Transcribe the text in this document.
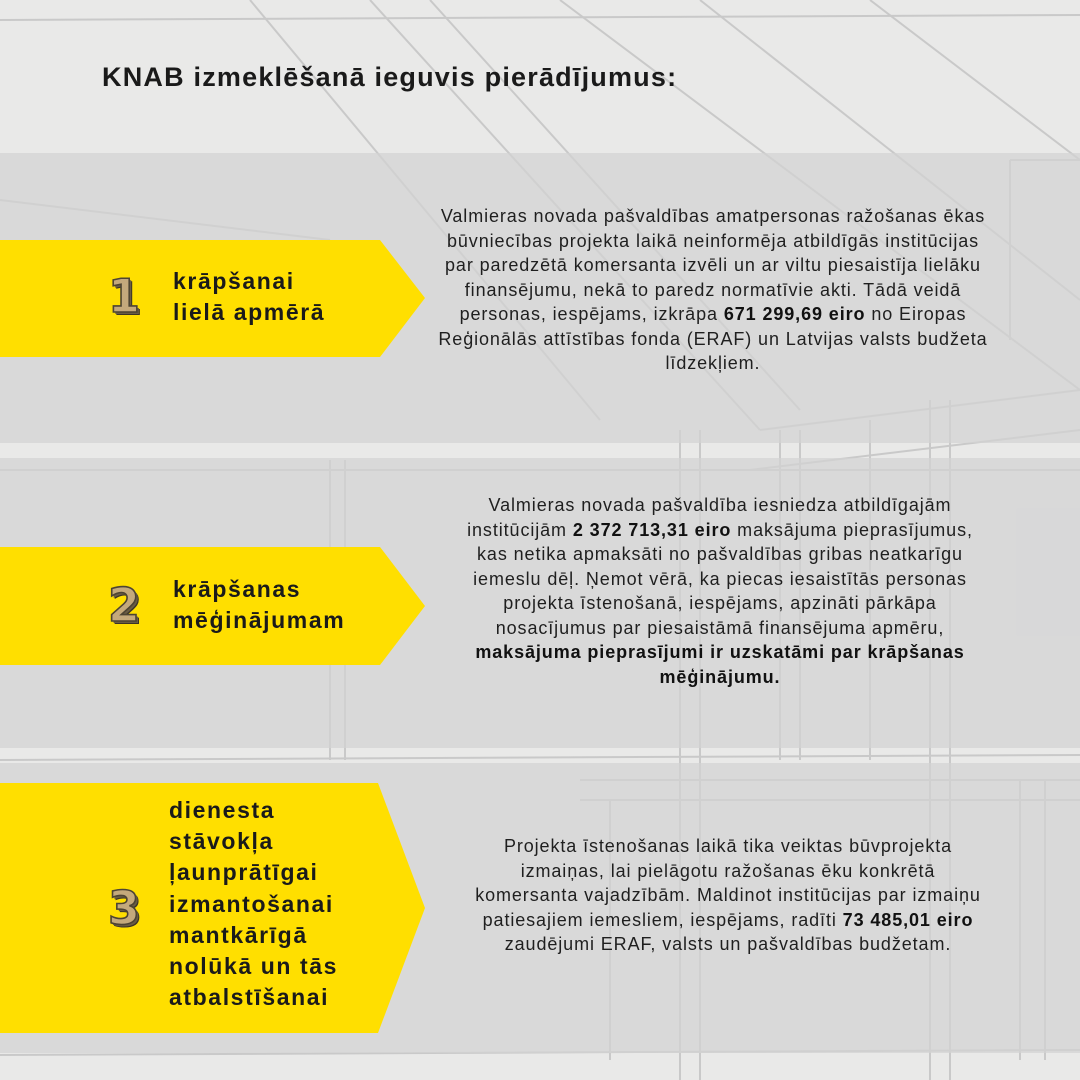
KNAB izmeklēšanā ieguvis pierādījumus:
1 krāpšanai
lielā apmērā
Valmieras novada pašvaldības amatpersonas ražošanas ēkas būvniecības projekta laikā neinformēja atbildīgās institūcijas par paredzētā komersanta izvēli un ar viltu piesaistīja lielāku finansējumu, nekā to paredz normatīvie akti. Tādā veidā personas, iespējams, izkrāpa 671 299,69 eiro no Eiropas Reģionālās attīstības fonda (ERAF) un Latvijas valsts budžeta līdzekļiem.
2 krāpšanas
mēģinājumam
Valmieras novada pašvaldība iesniedza atbildīgajām institūcijām 2 372 713,31 eiro maksājuma pieprasījumus, kas netika apmaksāti no pašvaldības gribas neatkarīgu iemeslu dēļ. Ņemot vērā, ka piecas iesaistītās personas projekta īstenošanā, iespējams, apzināti pārkāpa nosacījumus par piesaistāmā finansējuma apmēru, maksājuma pieprasījumi ir uzskatāmi par krāpšanas mēģinājumu.
3
dienesta
stāvokļa
ļaunprātīgai
izmantošanai
mantkārīgā
nolūkā un tās
atbalstīšanai
Projekta īstenošanas laikā tika veiktas būvprojekta izmaiņas, lai pielāgotu ražošanas ēku konkrētā komersanta vajadzībām. Maldinot institūcijas par izmaiņu patiesajiem iemesliem, iespējams, radīti 73 485,01 eiro zaudējumi ERAF, valsts un pašvaldības budžetam.
